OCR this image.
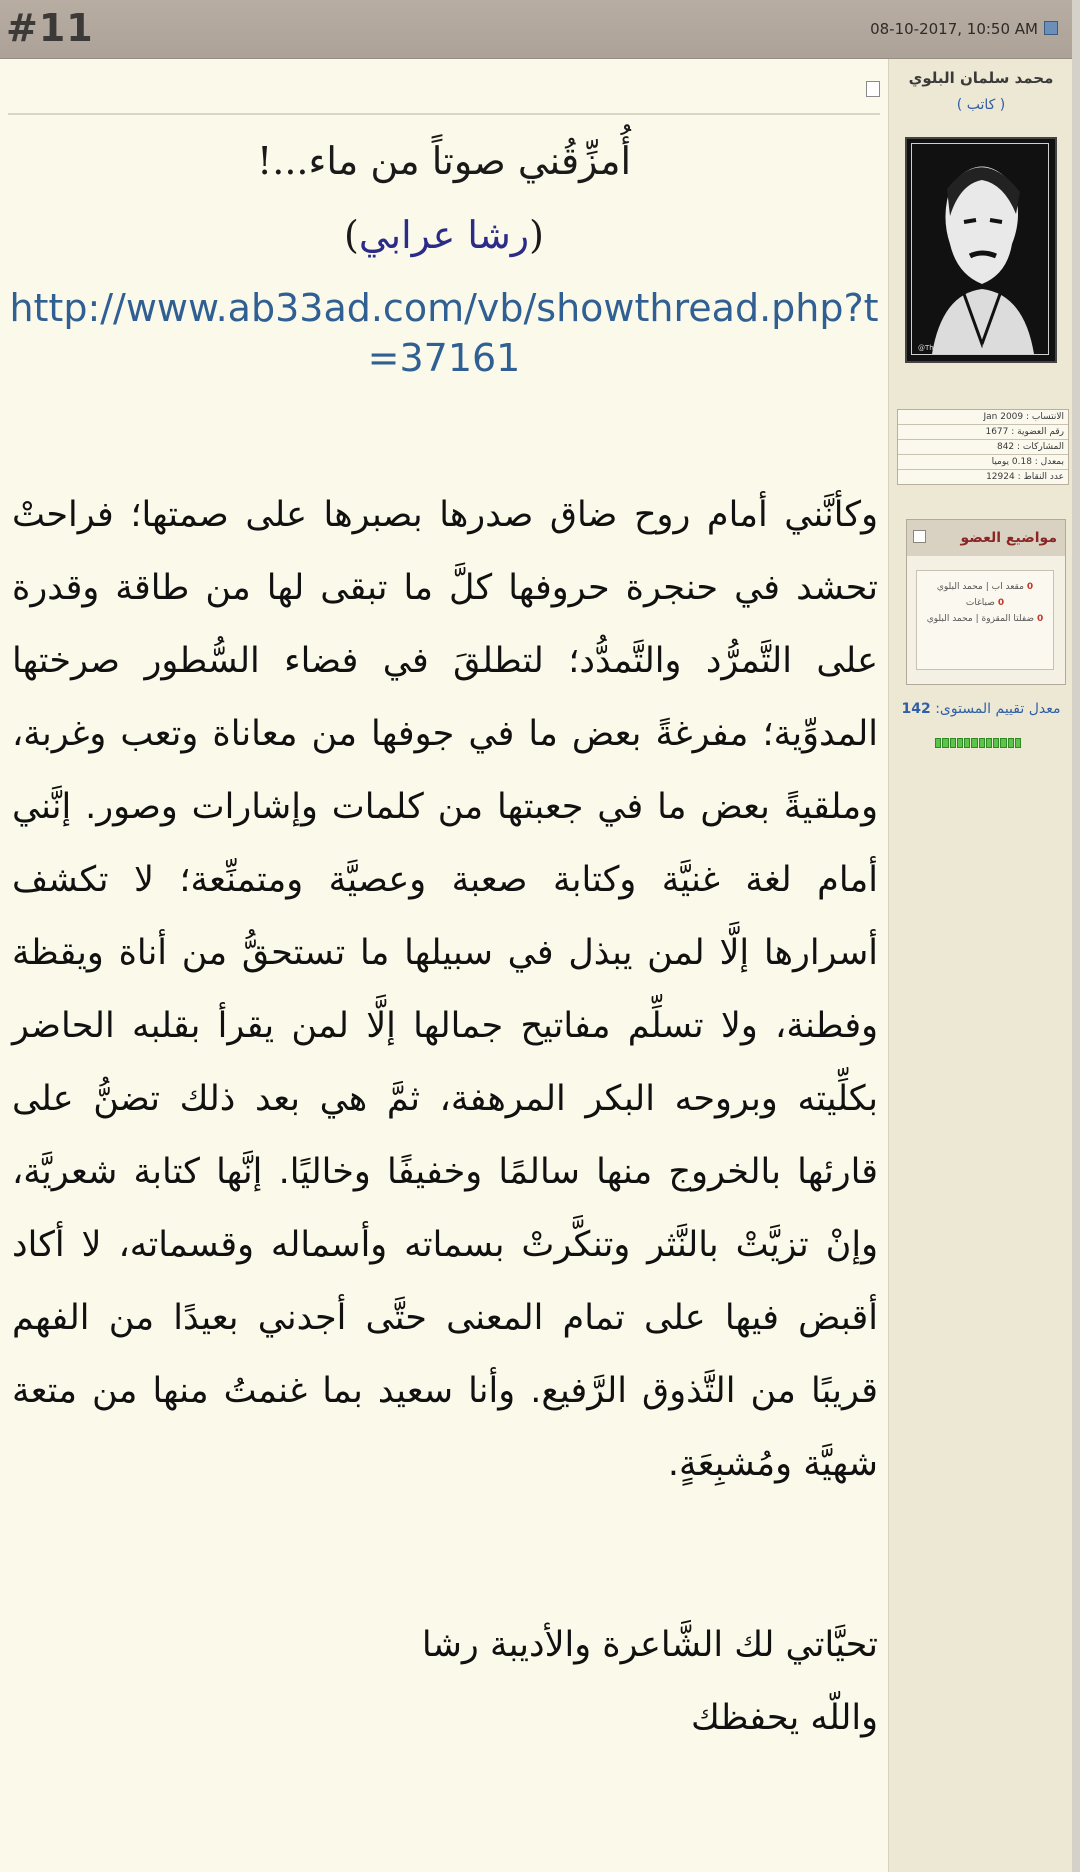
#11	08-10-2017, 10:50 AM
محمد سلمان البلوي
( كاتب )
@Thohool | @ Thohool1
الانتساب : Jan 2009
رقم العضوية : 1677
المشاركات : 842
بمعدل : 0.18 يوميا
عدد النقاط : 12924
مواضيع العضو
0مقعد اب | محمد البلوي
0صباغات
0ضفلتا المقزوة | محمد البلوي
معدل تقييم المستوى: 142
أُمزِّقُني صوتاً من ماء...!
(رشا عرابي)
http://www.ab33ad.com/vb/showthread.php?t=37161
وكأنَّني أمام روح ضاق صدرها بصبرها على صمتها؛ فراحتْ تحشد في حنجرة حروفها كلَّ ما تبقى لها من طاقة وقدرة على التَّمرُّد والتَّمدُّد؛ لتطلقَ في فضاء السُّطور صرختها المدوِّية؛ مفرغةً بعض ما في جوفها من معاناة وتعب وغربة، وملقيةً بعض ما في جعبتها من كلمات وإشارات وصور. إنَّني أمام لغة غنيَّة وكتابة صعبة وعصيَّة ومتمنِّعة؛ لا تكشف أسرارها إلَّا لمن يبذل في سبيلها ما تستحقُّ من أناة ويقظة وفطنة، ولا تسلِّم مفاتيح جمالها إلَّا لمن يقرأ بقلبه الحاضر بكلِّيته وبروحه البكر المرهفة، ثمَّ هي بعد ذلك تضنُّ على قارئها بالخروج منها سالمًا وخفيفًا وخاليًا. إنَّها كتابة شعريَّة، وإنْ تزيَّتْ بالنَّثر وتنكَّرتْ بسماته وأسماله وقسماته، لا أكاد أقبض فيها على تمام المعنى حتَّى أجدني بعيدًا من الفهم قريبًا من التَّذوق الرَّفيع. وأنا سعيد بما غنمتُ منها من متعة شهيَّة ومُشبِعَةٍ.
تحيَّاتي لك الشَّاعرة والأديبة رشا
واللّه يحفظك
